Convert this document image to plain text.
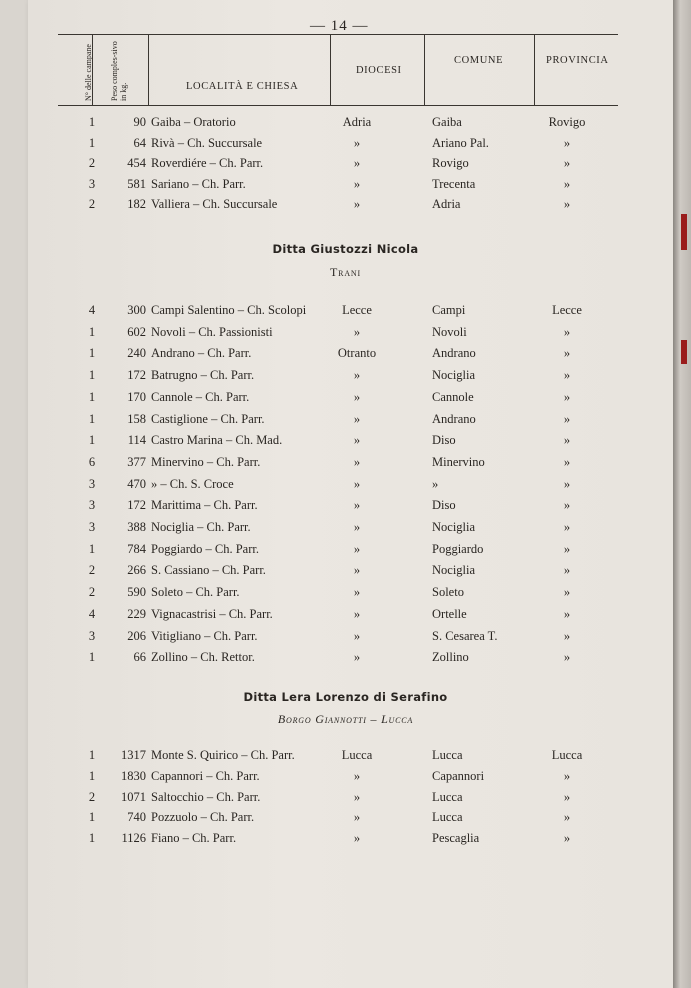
— 14 —
N° delle campane Peso comples-sivo in kg.	LOCALITÀ E CHIESA
DIOCESI
COMUNE	PROVINCIA
1	90 Gaiba – Oratorio	Adria	Gaiba	Rovigo
1	64 Rivà – Ch. Succursale	»	Ariano Pal.	»
2	454 Roverdiére – Ch. Parr.	»	Rovigo	»
3	581 Sariano – Ch. Parr.	»	Trecenta	»
2	182 Valliera – Ch. Succursale	»	Adria	»
Ditta Giustozzi Nicola
Trani
4	300 Campi Salentino – Ch. Scolopi	Lecce	Campi	Lecce
1	602 Novoli – Ch. Passionisti	»	Novoli	»
1	240 Andrano – Ch. Parr.	Otranto	Andrano	»
1	172 Batrugno – Ch. Parr.	»	Nociglia	»
1	170 Cannole – Ch. Parr.	»	Cannole	»
1	158 Castiglione – Ch. Parr.	»	Andrano	»
1	114 Castro Marina – Ch. Mad.	»	Diso	»
6	377 Minervino – Ch. Parr.	»	Minervino	»
3	470 » – Ch. S. Croce	»	»	»
3	172 Marittima – Ch. Parr.	»	Diso	»
3	388 Nociglia – Ch. Parr.	»	Nociglia	»
1	784 Poggiardo – Ch. Parr.	»	Poggiardo	»
2	266 S. Cassiano – Ch. Parr.	»	Nociglia	»
2	590 Soleto – Ch. Parr.	»	Soleto	»
4	229 Vignacastrisi – Ch. Parr.	»	Ortelle	»
3	206 Vitigliano – Ch. Parr.	»	S. Cesarea T.	»
1	66 Zollino – Ch. Rettor.	»	Zollino	»
Ditta Lera Lorenzo di Serafino
Borgo Giannotti – Lucca
1	1317 Monte S. Quirico – Ch. Parr.	Lucca	Lucca	Lucca
1	1830 Capannori – Ch. Parr.	»	Capannori	»
2	1071 Saltocchio – Ch. Parr.	»	Lucca	»
1	740 Pozzuolo – Ch. Parr.	»	Lucca	»
1	1126 Fiano – Ch. Parr.	»	Pescaglia	»
